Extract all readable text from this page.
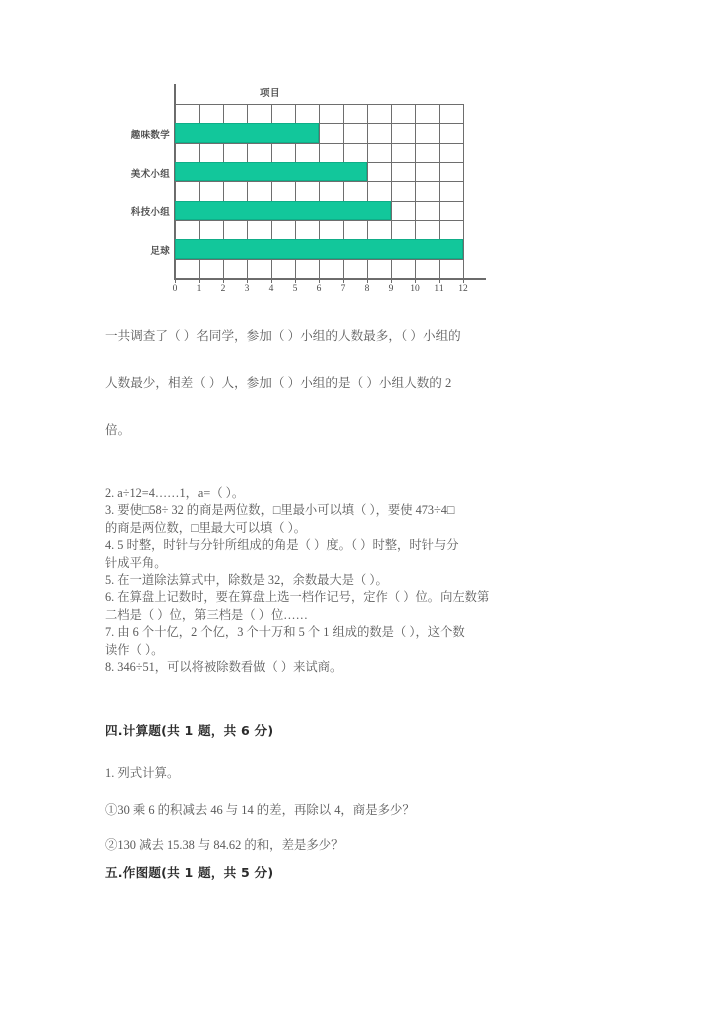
趣味数学
美术小组
科技小组
足球
项目
0 1 2 3 4 5 6 7 8 9 10 11 12
一共调查了（ ）名同学，参加（ ）小组的人数最多，（ ）小组的
人数最少，相差（ ）人，参加（ ）小组的是（ ）小组人数的 2
倍。

2. a÷12=4……1，a=（ ）。

3. 要使□58÷ 32 的商是两位数，□里最小可以填（ ），要使 473÷4□

的商是两位数，□里最大可以填（ ）。

4. 5 时整，时针与分针所组成的角是（ ）度。（ ）时整，时针与分

针成平角。

5. 在一道除法算式中，除数是 32，余数最大是（ ）。

6. 在算盘上记数时，要在算盘上选一档作记号，定作（ ）位。向左数第

二档是（ ）位，第三档是（ ）位……

7. 由 6 个十亿，2 个亿，3 个十万和 5 个 1 组成的数是（ ），这个数

读作（ ）。

8. 346÷51，可以将被除数看做（ ）来试商。

四.计算题(共 1 题，共 6 分)
1. 列式计算。
①30 乘 6 的积减去 46 与 14 的差，再除以 4，商是多少？
②130 减去 15.38 与 84.62 的和，差是多少？
五.作图题(共 1 题，共 5 分)
